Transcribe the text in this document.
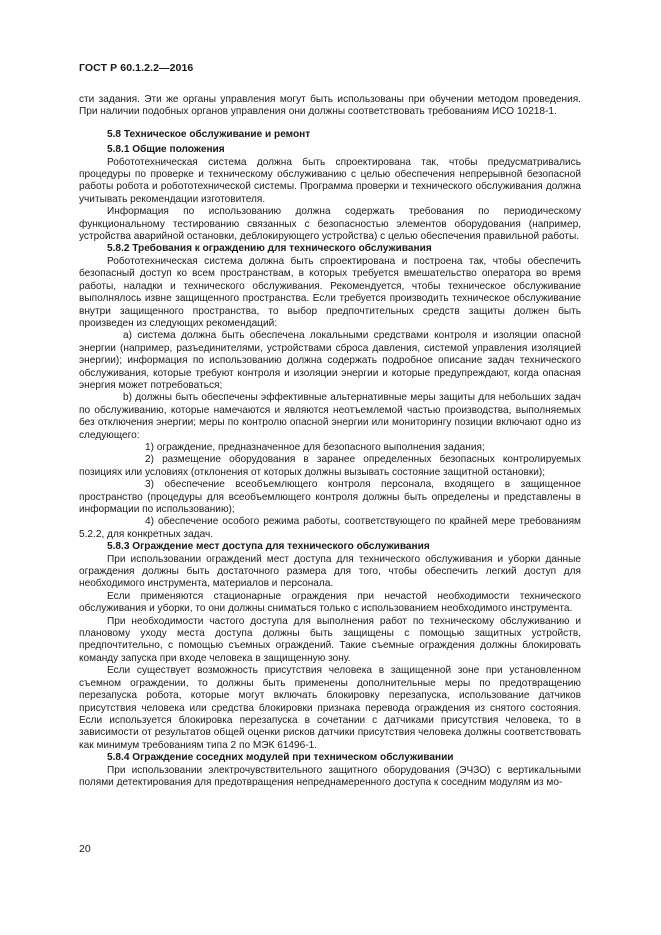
ГОСТ Р 60.1.2.2—2016

сти задания. Эти же органы управления могут быть использованы при обучении методом проведения. При наличии подобных органов управления они должны соответствовать требованиям ИСО 10218-1.

5.8 Техническое обслуживание и ремонт

5.8.1 Общие положения

Робототехническая система должна быть спроектирована так, чтобы предусматривались процедуры по проверке и техническому обслуживанию с целью обеспечения непрерывной безопасной работы робота и робототехнической системы. Программа проверки и технического обслуживания должна учитывать рекомендации изготовителя.

Информация по использованию должна содержать требования по периодическому функциональному тестированию связанных с безопасностью элементов оборудования (например, устройства аварийной остановки, деблокирующего устройства) с целью обеспечения правильной работы.

5.8.2 Требования к ограждению для технического обслуживания

Робототехническая система должна быть спроектирована и построена так, чтобы обеспечить безопасный доступ ко всем пространствам, в которых требуется вмешательство оператора во время работы, наладки и технического обслуживания. Рекомендуется, чтобы техническое обслуживание выполнялось извне защищенного пространства. Если требуется производить техническое обслуживание внутри защищенного пространства, то выбор предпочтительных средств защиты должен быть произведен из следующих рекомендаций:

a) система должна быть обеспечена локальными средствами контроля и изоляции опасной энергии (например, разъединителями, устройствами сброса давления, системой управления изоляцией энергии); информация по использованию должна содержать подробное описание задач технического обслуживания, которые требуют контроля и изоляции энергии и которые предупреждают, когда опасная энергия может потребоваться;

b) должны быть обеспечены эффективные альтернативные меры защиты для небольших задач по обслуживанию, которые намечаются и являются неотъемлемой частью производства, выполняемых без отключения энергии; меры по контролю опасной энергии или мониторингу позиции включают одно из следующего:

1) ограждение, предназначенное для безопасного выполнения задания;

2) размещение оборудования в заранее определенных безопасных контролируемых позициях или условиях (отклонения от которых должны вызывать состояние защитной остановки);

3) обеспечение всеобъемлющего контроля персонала, входящего в защищенное пространство (процедуры для всеобъемлющего контроля должны быть определены и представлены в информации по использованию);

4) обеспечение особого режима работы, соответствующего по крайней мере требованиям 5.2.2, для конкретных задач.

5.8.3 Ограждение мест доступа для технического обслуживания

При использовании ограждений мест доступа для технического обслуживания и уборки данные ограждения должны быть достаточного размера для того, чтобы обеспечить легкий доступ для необходимого инструмента, материалов и персонала.

Если применяются стационарные ограждения при нечастой необходимости технического обслуживания и уборки, то они должны сниматься только с использованием необходимого инструмента.

При необходимости частого доступа для выполнения работ по техническому обслуживанию и плановому уходу места доступа должны быть защищены с помощью защитных устройств, предпочтительно, с помощью съемных ограждений. Такие съемные ограждения должны блокировать команду запуска при входе человека в защищенную зону.

Если существует возможность присутствия человека в защищенной зоне при установленном съемном ограждении, то должны быть применены дополнительные меры по предотвращению перезапуска робота, которые могут включать блокировку перезапуска, использование датчиков присутствия человека или средства блокировки признака перевода ограждения из снятого состояния. Если используется блокировка перезапуска в сочетании с датчиками присутствия человека, то в зависимости от результатов общей оценки рисков датчики присутствия человека должны соответствовать как минимум требованиям типа 2 по МЭК 61496-1.

5.8.4 Ограждение соседних модулей при техническом обслуживании

При использовании электрочувствительного защитного оборудования (ЭЧЗО) с вертикальными полями детектирования для предотвращения непреднамеренного доступа к соседним модулям из мо-

20
